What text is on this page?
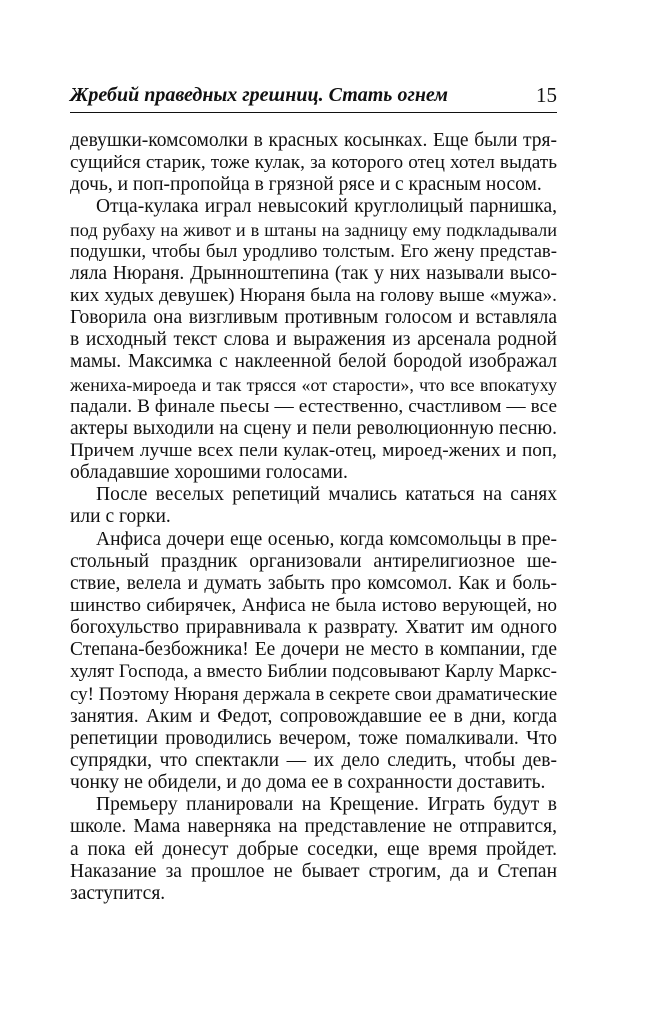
Жребий праведных грешниц. Стать огнем	15
девушки-комсомолки в красных косынках. Еще были тря-
сущийся старик, тоже кулак, за которого отец хотел выдать
дочь, и поп-пропойца в грязной рясе и с красным носом.
Отца-кулака играл невысокий круглолицый парнишка,
под рубаху на живот и в штаны на задницу ему подкладывали
подушки, чтобы был уродливо толстым. Его жену представ-
ляла Нюраня. Дрынноштепина (так у них называли высо-
ких худых девушек) Нюраня была на голову выше «мужа».
Говорила она визгливым противным голосом и вставляла
в исходный текст слова и выражения из арсенала родной
мамы. Максимка с наклеенной белой бородой изображал
жениха-мироеда и так трясся «от старости», что все впокатуху
падали. В финале пьесы — естественно, счастливом — все
актеры выходили на сцену и пели революционную песню.
Причем лучше всех пели кулак-отец, мироед-жених и поп,
обладавшие хорошими голосами.
После веселых репетиций мчались кататься на санях
или с горки.
Анфиса дочери еще осенью, когда комсомольцы в пре-
стольный праздник организовали антирелигиозное ше-
ствие, велела и думать забыть про комсомол. Как и боль-
шинство сибирячек, Анфиса не была истово верующей, но
богохульство приравнивала к разврату. Хватит им одного
Степана-безбожника! Ее дочери не место в компании, где
хулят Господа, а вместо Библии подсовывают Карлу Маркс-
су! Поэтому Нюраня держала в секрете свои драматические
занятия. Аким и Федот, сопровождавшие ее в дни, когда
репетиции проводились вечером, тоже помалкивали. Что
супрядки, что спектакли — их дело следить, чтобы дев-
чонку не обидели, и до дома ее в сохранности доставить.
Премьеру планировали на Крещение. Играть будут в
школе. Мама наверняка на представление не отправится,
а пока ей донесут добрые соседки, еще время пройдет.
Наказание за прошлое не бывает строгим, да и Степан
заступится.
